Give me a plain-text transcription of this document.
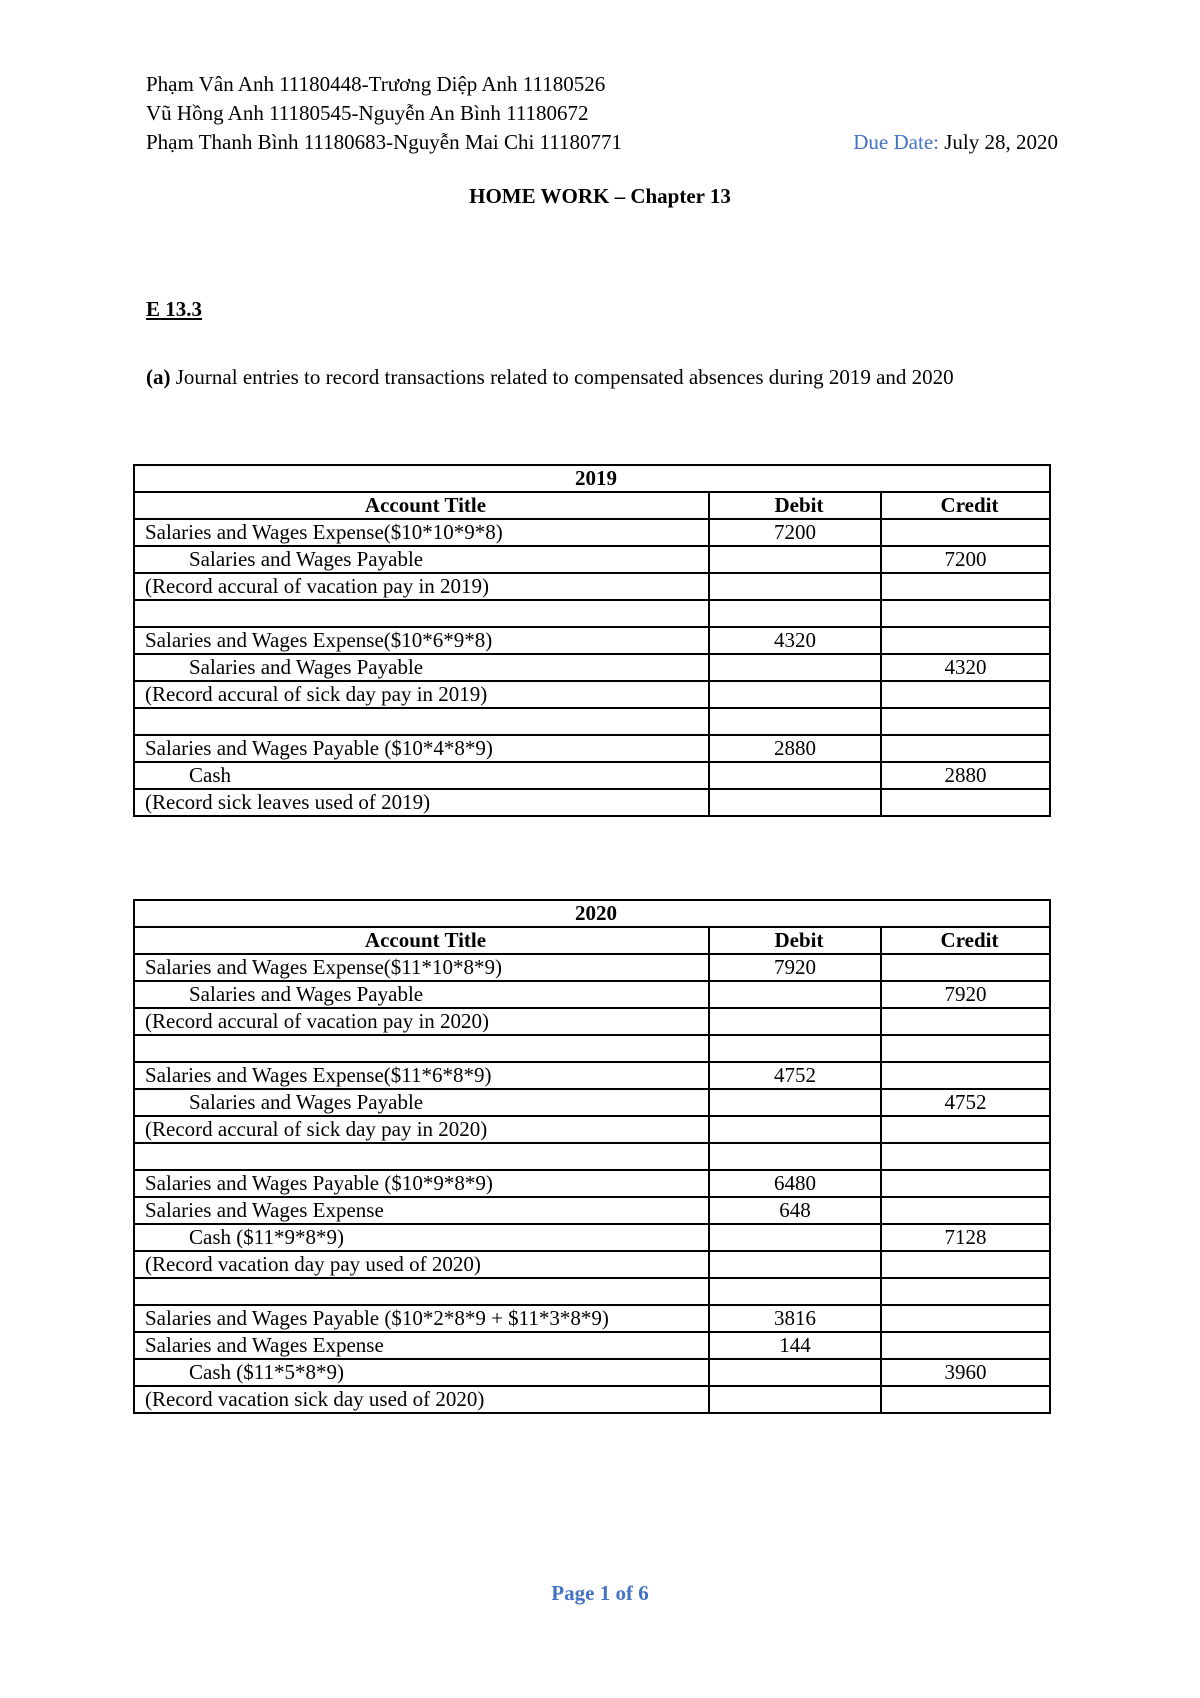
Phạm Vân Anh 11180448-Trương Diệp Anh 11180526
Vũ Hồng Anh 11180545-Nguyễn An Bình 11180672
Phạm Thanh Bình 11180683-Nguyễn Mai Chi 11180771	Due Date: July 28, 2020
HOME WORK – Chapter 13
E 13.3
(a) Journal entries to record transactions related to compensated absences during 2019 and 2020
2019		
Account Title	Debit	Credit
Salaries and Wages Expense($10*10*9*8)	7200	
Salaries and Wages Payable		7200
(Record accural of vacation pay in 2019)		

Salaries and Wages Expense($10*6*9*8)	4320	
Salaries and Wages Payable		4320
(Record accural of sick day pay in 2019)		

Salaries and Wages Payable ($10*4*8*9)	2880	
Cash		2880
(Record sick leaves used of 2019)		
2020		
Account Title	Debit	Credit
Salaries and Wages Expense($11*10*8*9)	7920	
Salaries and Wages Payable		7920
(Record accural of vacation pay in 2020)		

Salaries and Wages Expense($11*6*8*9)	4752	
Salaries and Wages Payable		4752
(Record accural of sick day pay in 2020)		

Salaries and Wages Payable ($10*9*8*9)	6480	
Salaries and Wages Expense	648	
Cash ($11*9*8*9)		7128
(Record vacation day pay used of 2020)		

Salaries and Wages Payable ($10*2*8*9 + $11*3*8*9)	3816	
Salaries and Wages Expense	144	
Cash ($11*5*8*9)		3960
(Record vacation sick day used of 2020)		
Page 1 of 6
